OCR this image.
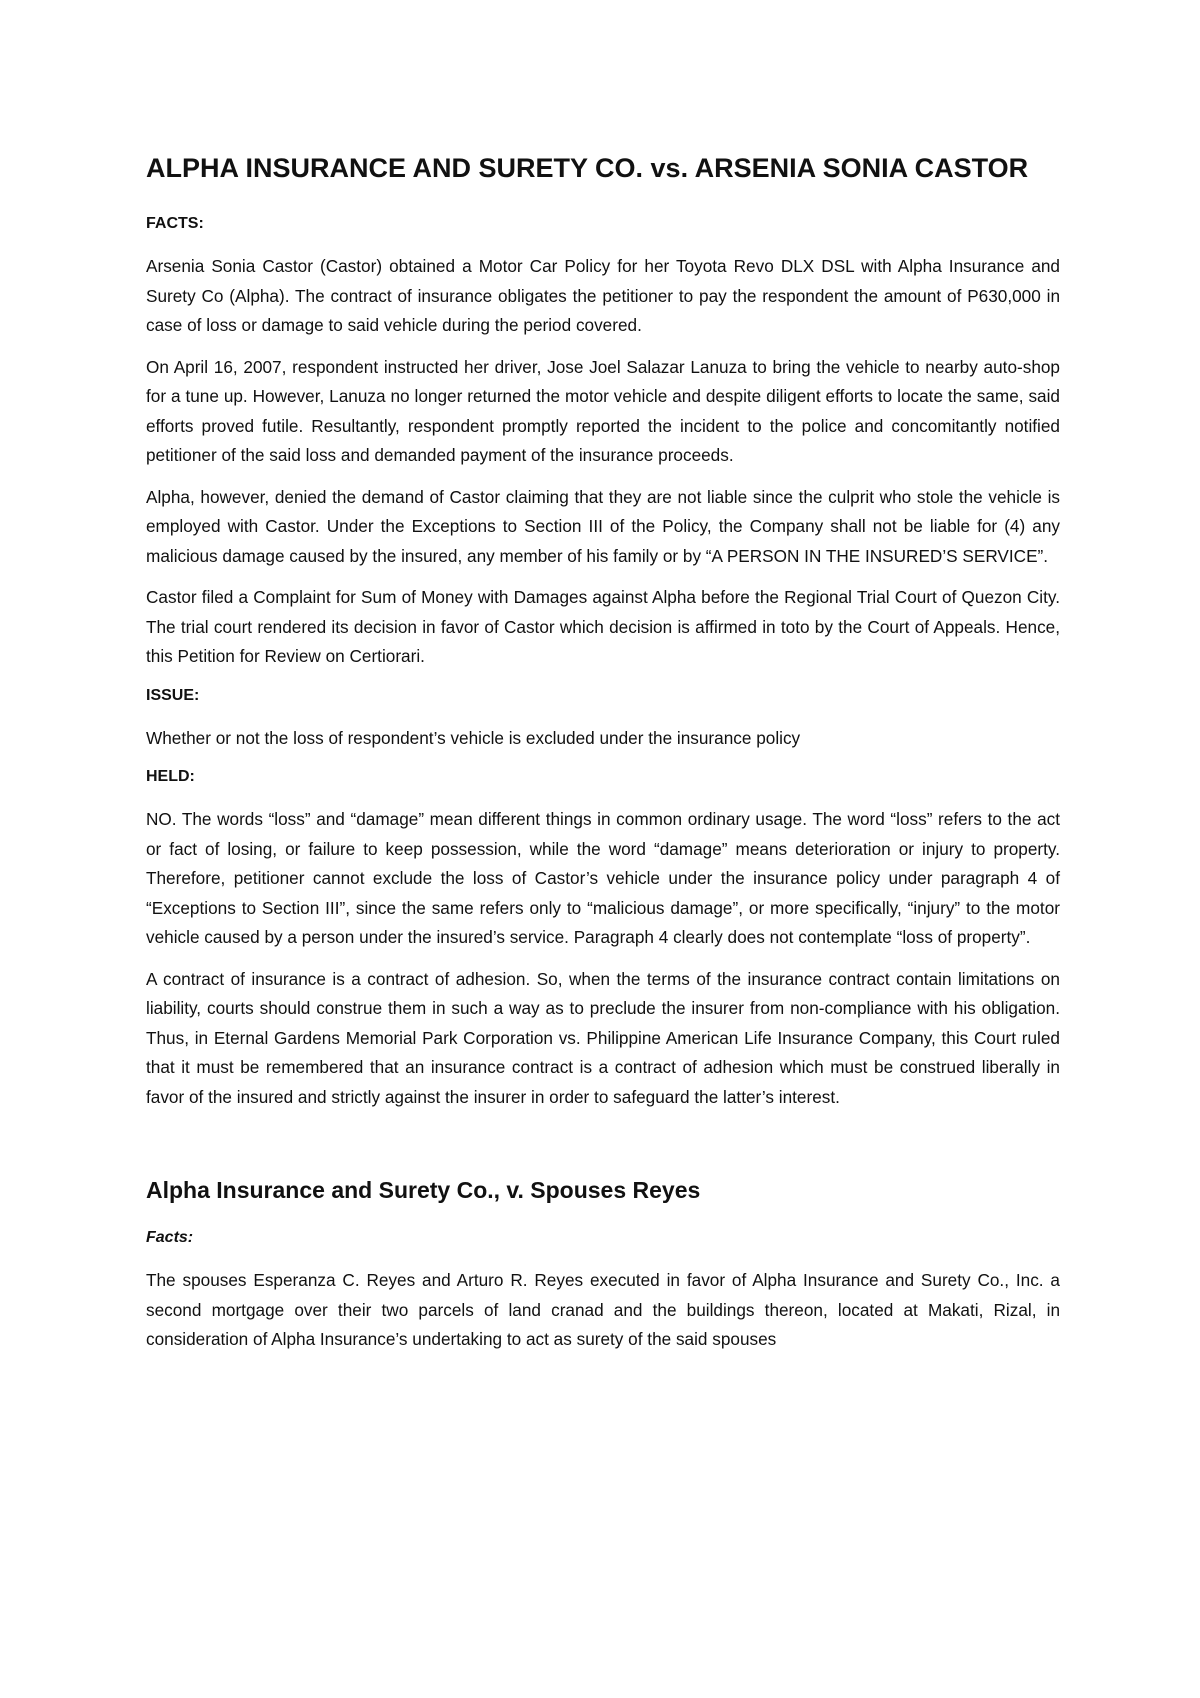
ALPHA INSURANCE AND SURETY CO. vs. ARSENIA SONIA CASTOR
FACTS:

Arsenia Sonia Castor (Castor) obtained a Motor Car Policy for her Toyota Revo DLX DSL with Alpha Insurance and Surety Co (Alpha). The contract of insurance obligates the petitioner to pay the respondent the amount of P630,000 in case of loss or damage to said vehicle during the period covered.

On April 16, 2007, respondent instructed her driver, Jose Joel Salazar Lanuza to bring the vehicle to nearby auto-shop for a tune up. However, Lanuza no longer returned the motor vehicle and despite diligent efforts to locate the same, said efforts proved futile. Resultantly, respondent promptly reported the incident to the police and concomitantly notified petitioner of the said loss and demanded payment of the insurance proceeds.

Alpha, however, denied the demand of Castor claiming that they are not liable since the culprit who stole the vehicle is employed with Castor. Under the Exceptions to Section III of the Policy, the Company shall not be liable for (4) any malicious damage caused by the insured, any member of his family or by “A PERSON IN THE INSURED’S SERVICE”.

Castor filed a Complaint for Sum of Money with Damages against Alpha before the Regional Trial Court of Quezon City. The trial court rendered its decision in favor of Castor which decision is affirmed in toto by the Court of Appeals. Hence, this Petition for Review on Certiorari.

ISSUE:

Whether or not the loss of respondent’s vehicle is excluded under the insurance policy

HELD:

NO. The words “loss” and “damage” mean different things in common ordinary usage. The word “loss” refers to the act or fact of losing, or failure to keep possession, while the word “damage” means deterioration or injury to property. Therefore, petitioner cannot exclude the loss of Castor’s vehicle under the insurance policy under paragraph 4 of “Exceptions to Section III”, since the same refers only to “malicious damage”, or more specifically, “injury” to the motor vehicle caused by a person under the insured’s service. Paragraph 4 clearly does not contemplate “loss of property”.

A contract of insurance is a contract of adhesion. So, when the terms of the insurance contract contain limitations on liability, courts should construe them in such a way as to preclude the insurer from non-compliance with his obligation. Thus, in Eternal Gardens Memorial Park Corporation vs. Philippine American Life Insurance Company, this Court ruled that it must be remembered that an insurance contract is a contract of adhesion which must be construed liberally in favor of the insured and strictly against the insurer in order to safeguard the latter’s interest.

Alpha Insurance and Surety Co., v. Spouses Reyes
Facts:

The spouses Esperanza C. Reyes and Arturo R. Reyes executed in favor of Alpha Insurance and Surety Co., Inc. a second mortgage over their two parcels of land cranad and the buildings thereon, located at Makati, Rizal, in consideration of Alpha Insurance’s undertaking to act as surety of the said spouses
